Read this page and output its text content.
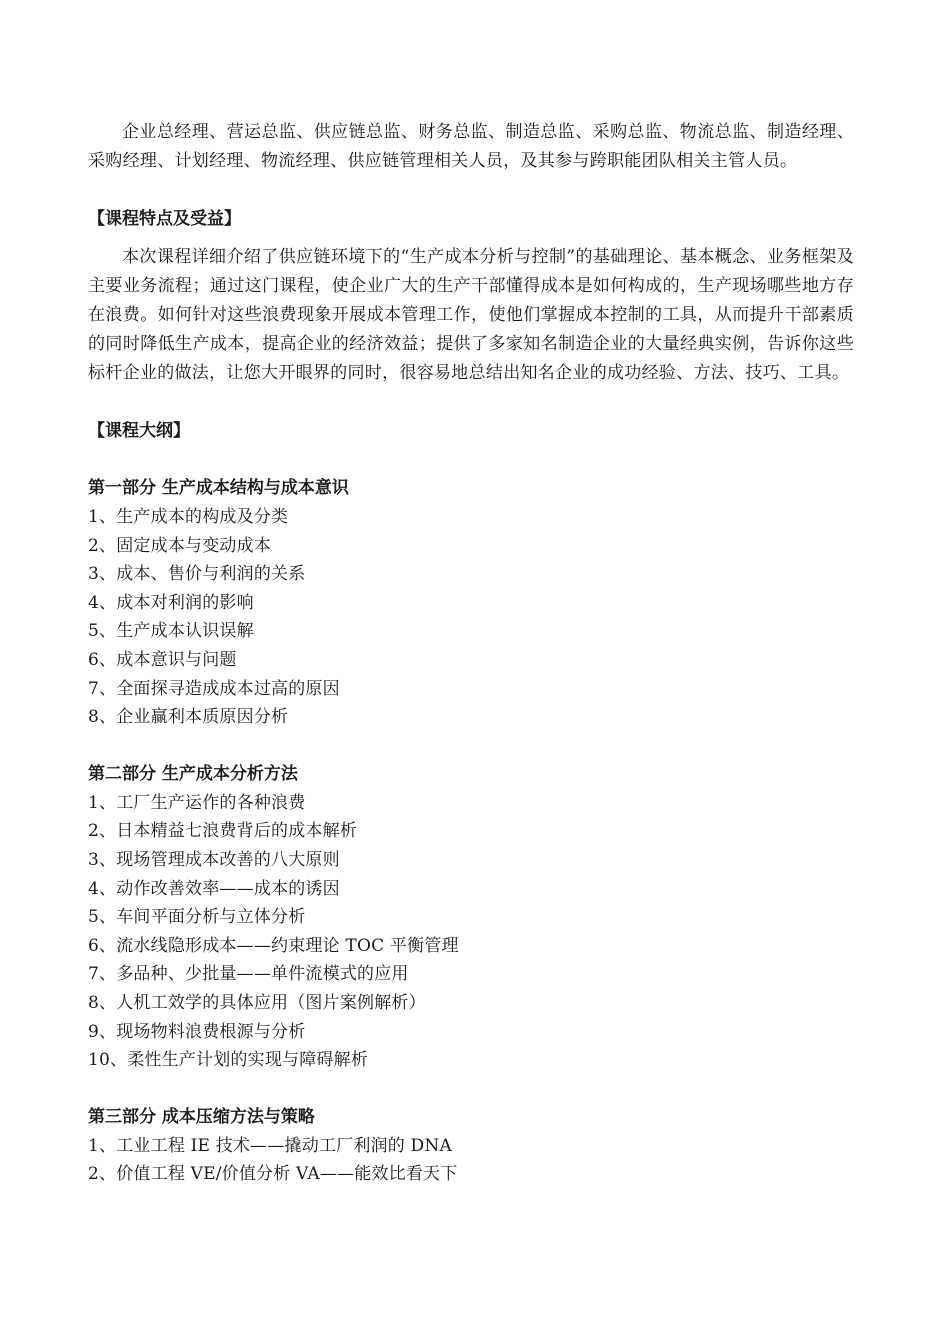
企业总经理、营运总监、供应链总监、财务总监、制造总监、采购总监、物流总监、制造经理、采购经理、计划经理、物流经理、供应链管理相关人员，及其参与跨职能团队相关主管人员。

【课程特点及受益】

本次课程详细介绍了供应链环境下的“生产成本分析与控制”的基础理论、基本概念、业务框架及主要业务流程；通过这门课程，使企业广大的生产干部懂得成本是如何构成的，生产现场哪些地方存在浪费。如何针对这些浪费现象开展成本管理工作，使他们掌握成本控制的工具，从而提升干部素质的同时降低生产成本，提高企业的经济效益；提供了多家知名制造企业的大量经典实例，告诉你这些标杆企业的做法，让您大开眼界的同时，很容易地总结出知名企业的成功经验、方法、技巧、工具。

【课程大纲】

第一部分 生产成本结构与成本意识

1、生产成本的构成及分类

2、固定成本与变动成本

3、成本、售价与利润的关系

4、成本对利润的影响

5、生产成本认识误解

6、成本意识与问题

7、全面探寻造成成本过高的原因

8、企业赢利本质原因分析

第二部分 生产成本分析方法

1、工厂生产运作的各种浪费

2、日本精益七浪费背后的成本解析

3、现场管理成本改善的八大原则

4、动作改善效率——成本的诱因

5、车间平面分析与立体分析

6、流水线隐形成本——约束理论 TOC 平衡管理

7、多品种、少批量——单件流模式的应用

8、人机工效学的具体应用（图片案例解析）

9、现场物料浪费根源与分析

10、柔性生产计划的实现与障碍解析

第三部分 成本压缩方法与策略

1、工业工程 IE 技术——撬动工厂利润的 DNA

2、价值工程 VE/价值分析 VA——能效比看天下
